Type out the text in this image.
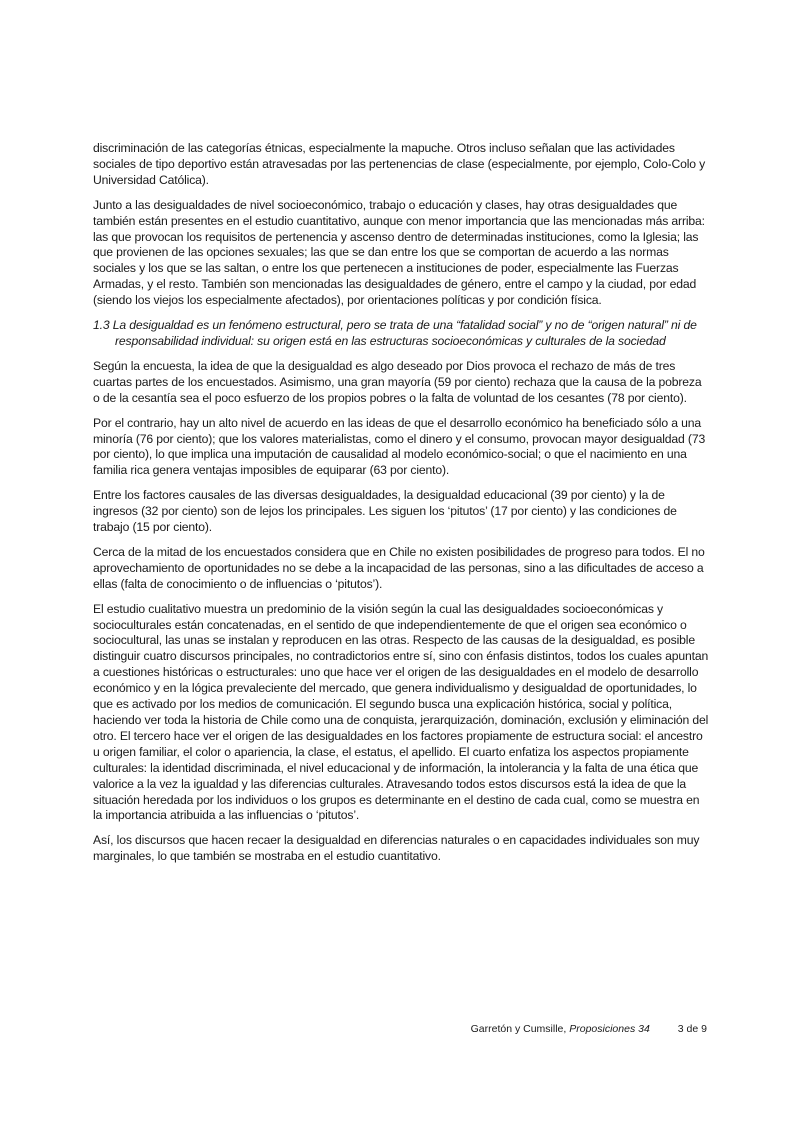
discriminación de las categorías étnicas, especialmente la mapuche. Otros incluso señalan que las actividades sociales de tipo deportivo están atravesadas por las pertenencias de clase (especialmente, por ejemplo, Colo-Colo y Universidad Católica).

Junto a las desigualdades de nivel socioeconómico, trabajo o educación y clases, hay otras desigualdades que también están presentes en el estudio cuantitativo, aunque con menor importancia que las mencionadas más arriba: las que provocan los requisitos de pertenencia y ascenso dentro de determinadas instituciones, como la Iglesia; las que provienen de las opciones sexuales; las que se dan entre los que se comportan de acuerdo a las normas sociales y los que se las saltan, o entre los que pertenecen a instituciones de poder, especialmente las Fuerzas Armadas, y el resto. También son mencionadas las desigualdades de género, entre el campo y la ciudad, por edad (siendo los viejos los especialmente afectados), por orientaciones políticas y por condición física.

1.3 La desigualdad es un fenómeno estructural, pero se trata de una “fatalidad social” y no de “origen natural” ni de responsabilidad individual: su origen está en las estructuras socioeconómicas y culturales de la sociedad

Según la encuesta, la idea de que la desigualdad es algo deseado por Dios provoca el rechazo de más de tres cuartas partes de los encuestados. Asimismo, una gran mayoría (59 por ciento) rechaza que la causa de la pobreza o de la cesantía sea el poco esfuerzo de los propios pobres o la falta de voluntad de los cesantes (78 por ciento).

Por el contrario, hay un alto nivel de acuerdo en las ideas de que el desarrollo económico ha beneficiado sólo a una minoría (76 por ciento); que los valores materialistas, como el dinero y el consumo, provocan mayor desigualdad (73 por ciento), lo que implica una imputación de causalidad al modelo económico-social; o que el nacimiento en una familia rica genera ventajas imposibles de equiparar (63 por ciento).

Entre los factores causales de las diversas desigualdades, la desigualdad educacional (39 por ciento) y la de ingresos (32 por ciento) son de lejos los principales. Les siguen los ‘pitutos’ (17 por ciento) y las condiciones de trabajo (15 por ciento).

Cerca de la mitad de los encuestados considera que en Chile no existen posibilidades de progreso para todos. El no aprovechamiento de oportunidades no se debe a la incapacidad de las personas, sino a las dificultades de acceso a ellas (falta de conocimiento o de influencias o ‘pitutos’).

El estudio cualitativo muestra un predominio de la visión según la cual las desigualdades socioeconómicas y socioculturales están concatenadas, en el sentido de que independientemente de que el origen sea económico o sociocultural, las unas se instalan y reproducen en las otras. Respecto de las causas de la desigualdad, es posible distinguir cuatro discursos principales, no contradictorios entre sí, sino con énfasis distintos, todos los cuales apuntan a cuestiones históricas o estructurales: uno que hace ver el origen de las desigualdades en el modelo de desarrollo económico y en la lógica prevaleciente del mercado, que genera individualismo y desigualdad de oportunidades, lo que es activado por los medios de comunicación. El segundo busca una explicación histórica, social y política, haciendo ver toda la historia de Chile como una de conquista, jerarquización, dominación, exclusión y eliminación del otro. El tercero hace ver el origen de las desigualdades en los factores propiamente de estructura social: el ancestro u origen familiar, el color o apariencia, la clase, el estatus, el apellido. El cuarto enfatiza los aspectos propiamente culturales: la identidad discriminada, el nivel educacional y de información, la intolerancia y la falta de una ética que valorice a la vez la igualdad y las diferencias culturales. Atravesando todos estos discursos está la idea de que la situación heredada por los individuos o los grupos es determinante en el destino de cada cual, como se muestra en la importancia atribuida a las influencias o ‘pitutos’.

Así, los discursos que hacen recaer la desigualdad en diferencias naturales o en capacidades individuales son muy marginales, lo que también se mostraba en el estudio cuantitativo.

Garretón y Cumsille, Proposiciones 34	3 de 9
